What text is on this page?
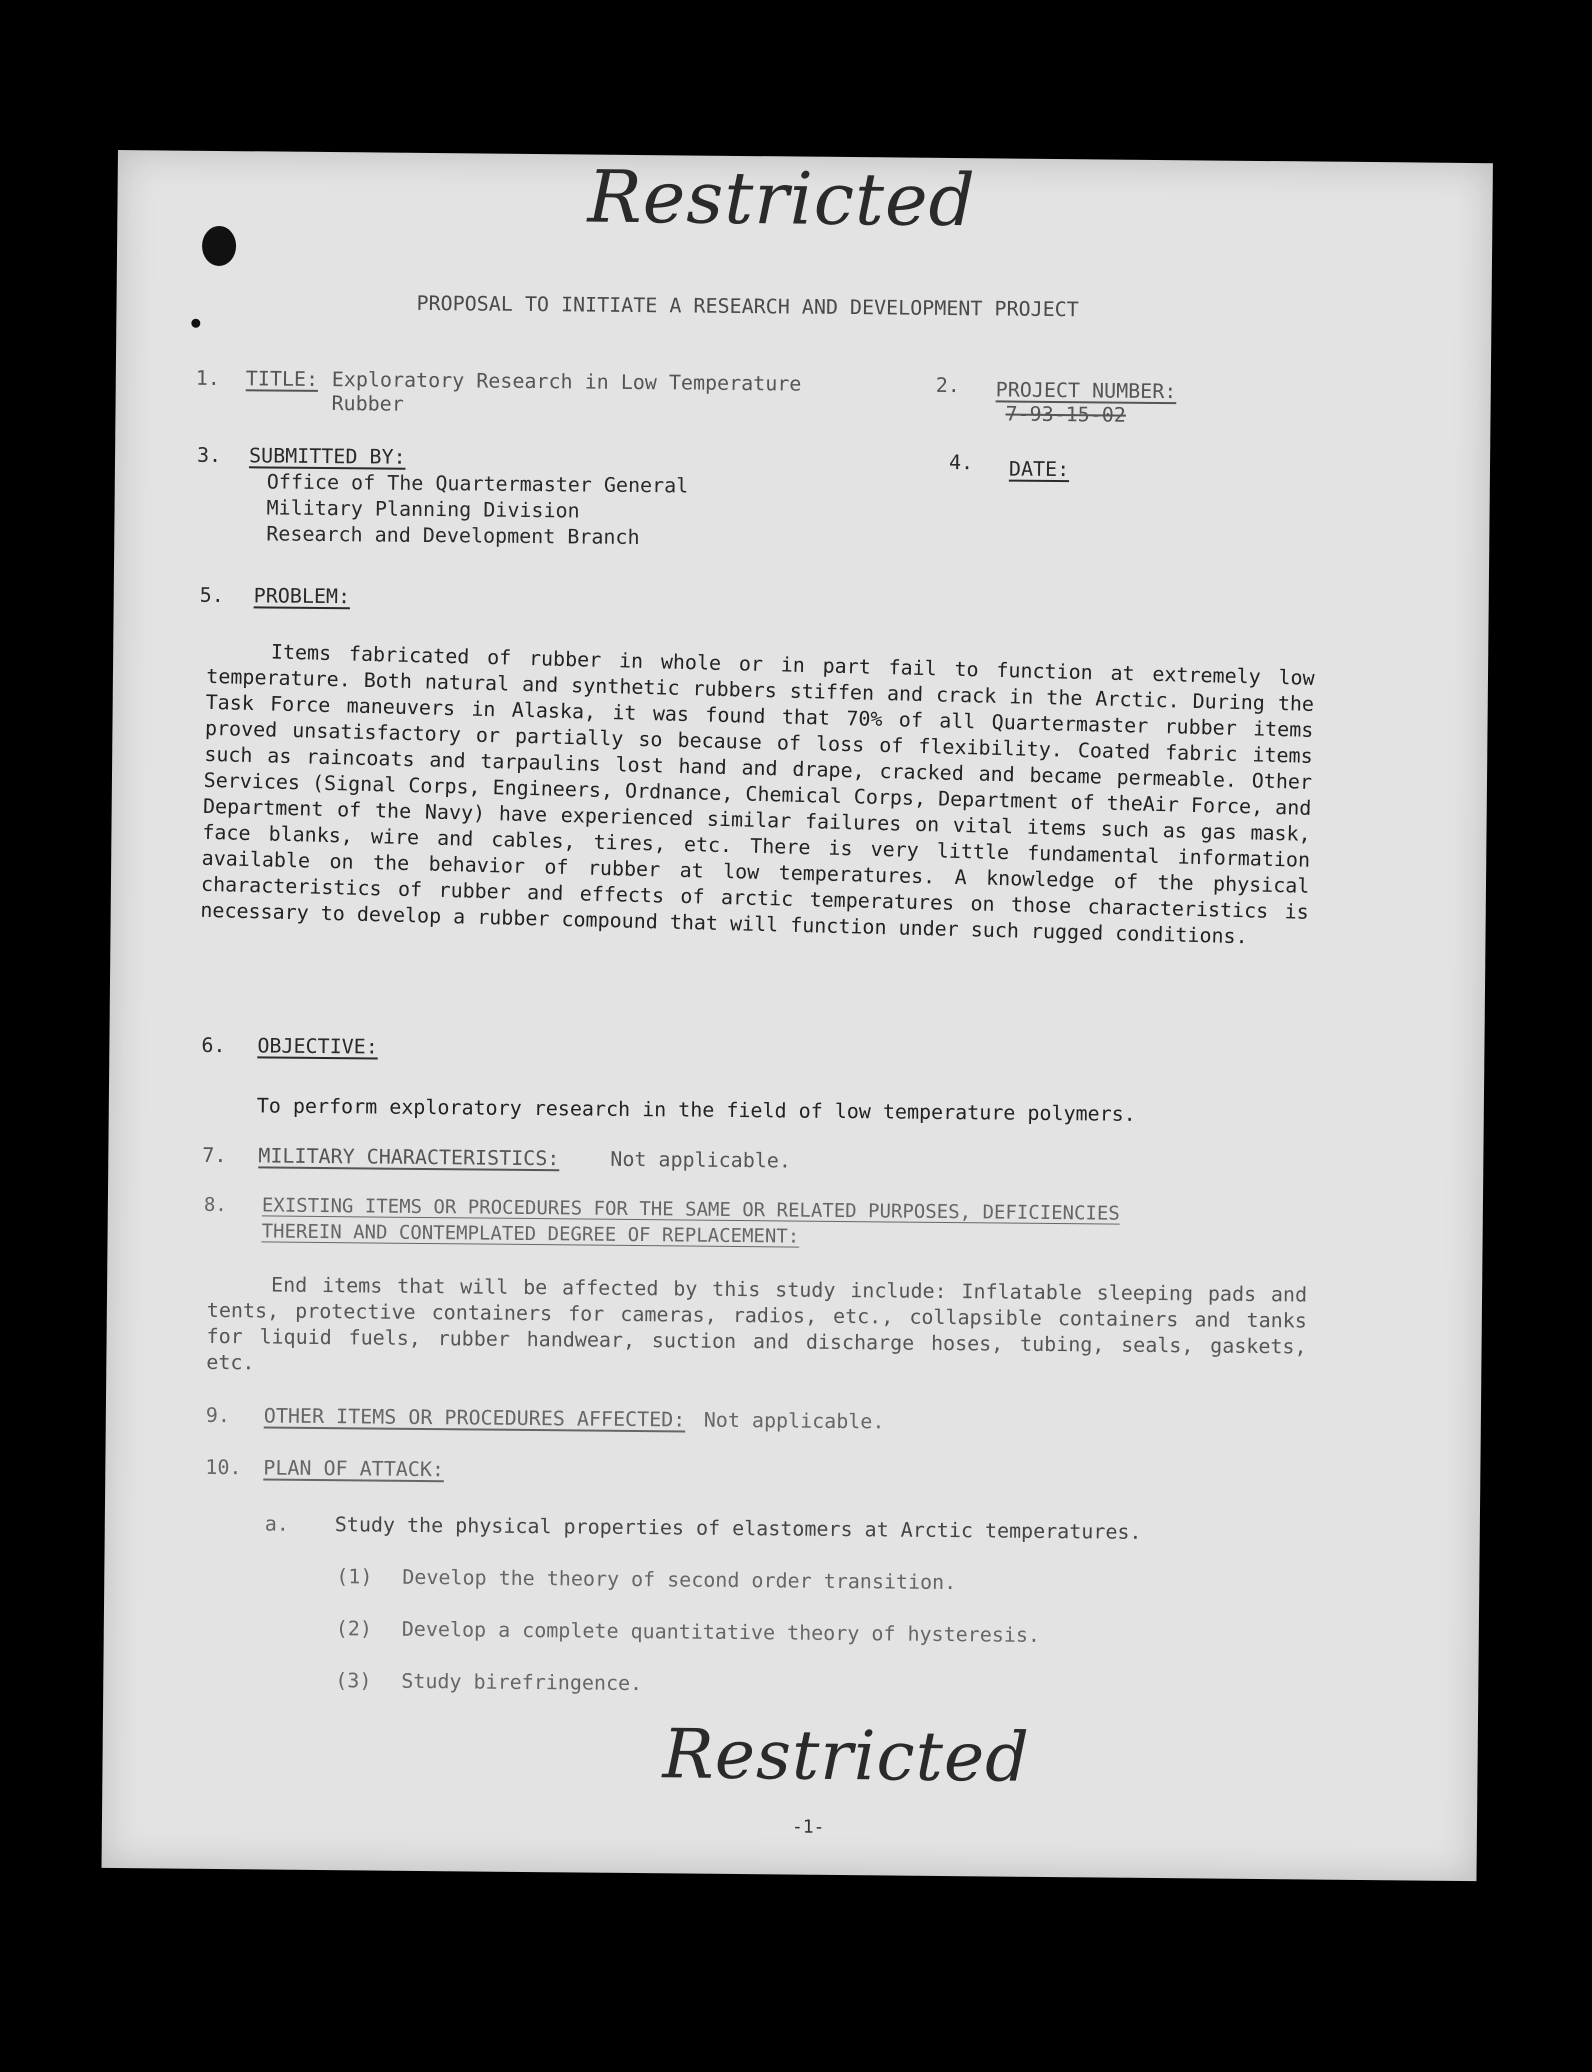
Restricted
PROPOSAL TO INITIATE A RESEARCH AND DEVELOPMENT PROJECT
1. TITLE: Exploratory Research in Low Temperature
Rubber
2. PROJECT NUMBER:
7-93-15-02
3. SUBMITTED BY:
Office of The Quartermaster General
Military Planning Division
Research and Development Branch
4. DATE:
5. PROBLEM:
Items fabricated of rubber in whole or in part fail to function at extremely low temperature. Both natural and synthetic rubbers stiffen and crack in the Arctic. During the Task Force maneuvers in Alaska, it was found that 70% of all Quartermaster rubber items proved unsatisfactory or partially so because of loss of flexibility. Coated fabric items such as raincoats and tarpaulins lost hand and drape, cracked and became permeable. Other Services (Signal Corps, Engineers, Ordnance, Chemical Corps, Department of theAir Force, and Department of the Navy) have experienced similar failures on vital items such as gas mask, face blanks, wire and cables, tires, etc. There is very little fundamental information available on the behavior of rubber at low temperatures. A knowledge of the physical characteristics of rubber and effects of arctic temperatures on those characteristics is necessary to develop a rubber compound that will function under such rugged conditions.
6. OBJECTIVE:
To perform exploratory research in the field of low temperature polymers.
7. MILITARY CHARACTERISTICS:	Not applicable.
8. EXISTING ITEMS OR PROCEDURES FOR THE SAME OR RELATED PURPOSES, DEFICIENCIES
THEREIN AND CONTEMPLATED DEGREE OF REPLACEMENT:
End items that will be affected by this study include: Inflatable sleeping pads and tents, protective containers for cameras, radios, etc., collapsible containers and tanks for liquid fuels, rubber handwear, suction and discharge hoses, tubing, seals, gaskets, etc.
9. OTHER ITEMS OR PROCEDURES AFFECTED: Not applicable.
10. PLAN OF ATTACK:
a. Study the physical properties of elastomers at Arctic temperatures.
(1) Develop the theory of second order transition.
(2) Develop a complete quantitative theory of hysteresis.
(3) Study birefringence.
Restricted
-1-
